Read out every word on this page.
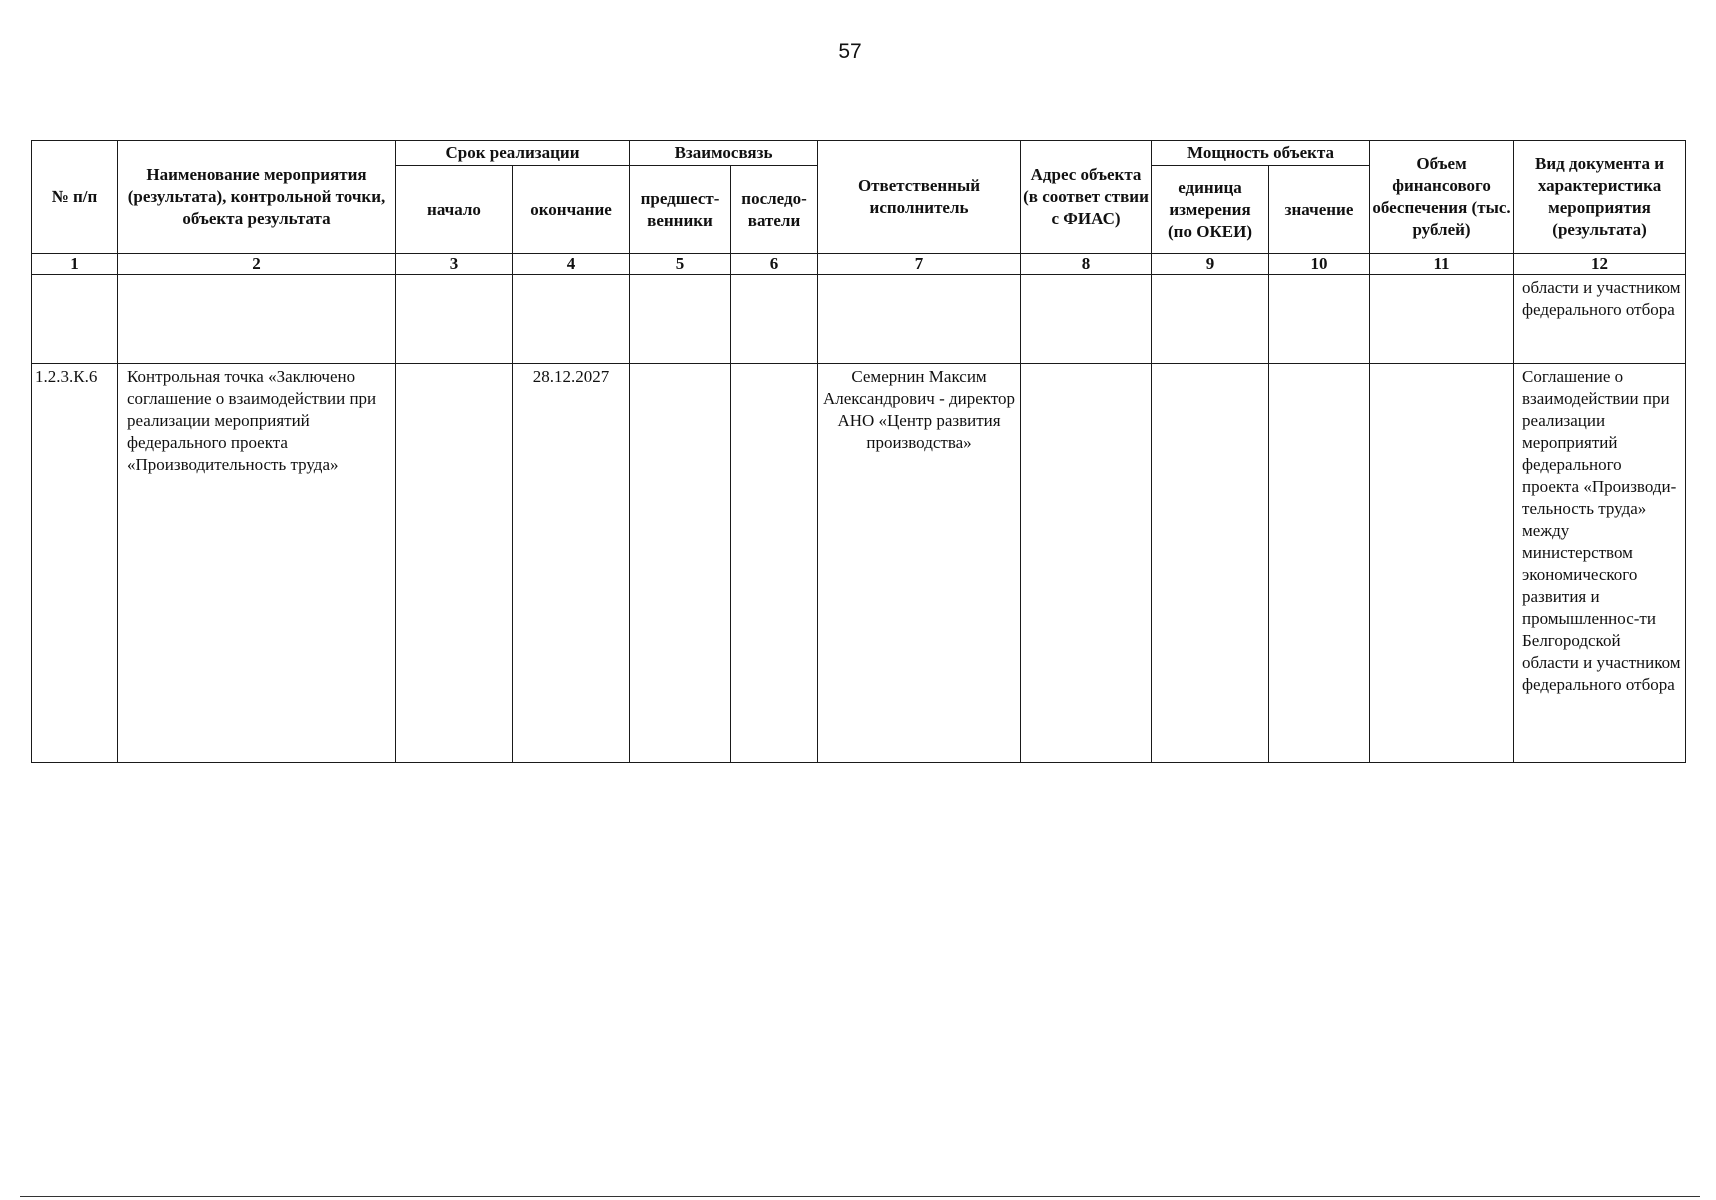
57
№ п/п	Наименование мероприятия (результата), контрольной точки, объекта результата	Срок реализации		Взаимосвязь		Ответственный исполнитель	Адрес объекта (в соответ ствии с ФИАС)	Мощность объекта		Объем финансового обеспечения (тыс. рублей)	Вид документа и характеристика мероприятия (результата)
		начало	окончание	предшест-венники	последо-ватели			единица измерения (по ОКЕИ)	значение		
1	2	3	4	5	6	7	8	9	10	11	12
											области и участником федерального отбора
1.2.3.К.6	Контрольная точка «Заключено соглашение о взаимодействии при реализации мероприятий федерального проекта «Производительность труда»		28.12.2027			Семернин Максим Александрович - директор АНО «Центр развития производства»					Соглашение о взаимодействии при реализации мероприятий федерального проекта «Производи-тельность труда» между министерством экономического развития и промышленнос-ти Белгородской области и участником федерального отбора
